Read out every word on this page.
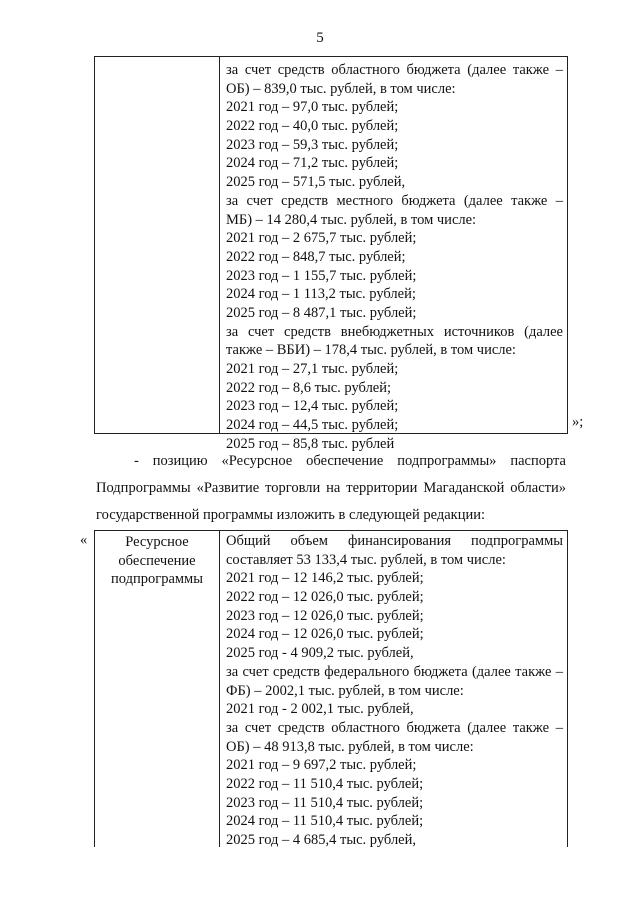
5
за счет средств областного бюджета (далее также –
ОБ) – 839,0 тыс. рублей, в том числе:
2021 год – 97,0 тыс. рублей;
2022 год – 40,0 тыс. рублей;
2023 год – 59,3 тыс. рублей;
2024 год – 71,2 тыс. рублей;
2025 год – 571,5 тыс. рублей,
за счет средств местного бюджета (далее также –
МБ) – 14 280,4 тыс. рублей, в том числе:
2021 год – 2 675,7 тыс. рублей;
2022 год – 848,7 тыс. рублей;
2023 год – 1 155,7 тыс. рублей;
2024 год – 1 113,2 тыс. рублей;
2025 год – 8 487,1 тыс. рублей;
за счет средств внебюджетных источников (далее
также – ВБИ) – 178,4 тыс. рублей, в том числе:
2021 год – 27,1 тыс. рублей;
2022 год – 8,6 тыс. рублей;
2023 год – 12,4 тыс. рублей;
2024 год – 44,5 тыс. рублей;
2025 год – 85,8 тыс. рублей
»;
- позицию «Ресурсное обеспечение подпрограммы» паспорта
Подпрограммы «Развитие торговли на территории Магаданской области»
государственной программы изложить в следующей редакции:
«	Ресурсное
обеспечение
подпрограммы
Общий объем финансирования подпрограммы
составляет 53 133,4 тыс. рублей, в том числе:
2021 год – 12 146,2 тыс. рублей;
2022 год – 12 026,0 тыс. рублей;
2023 год – 12 026,0 тыс. рублей;
2024 год – 12 026,0 тыс. рублей;
2025 год - 4 909,2 тыс. рублей,
за счет средств федерального бюджета (далее также –
ФБ) – 2002,1 тыс. рублей, в том числе:
2021 год - 2 002,1 тыс. рублей,
за счет средств областного бюджета (далее также –
ОБ) – 48 913,8 тыс. рублей, в том числе:
2021 год – 9 697,2 тыс. рублей;
2022 год – 11 510,4 тыс. рублей;
2023 год – 11 510,4 тыс. рублей;
2024 год – 11 510,4 тыс. рублей;
2025 год – 4 685,4 тыс. рублей,
